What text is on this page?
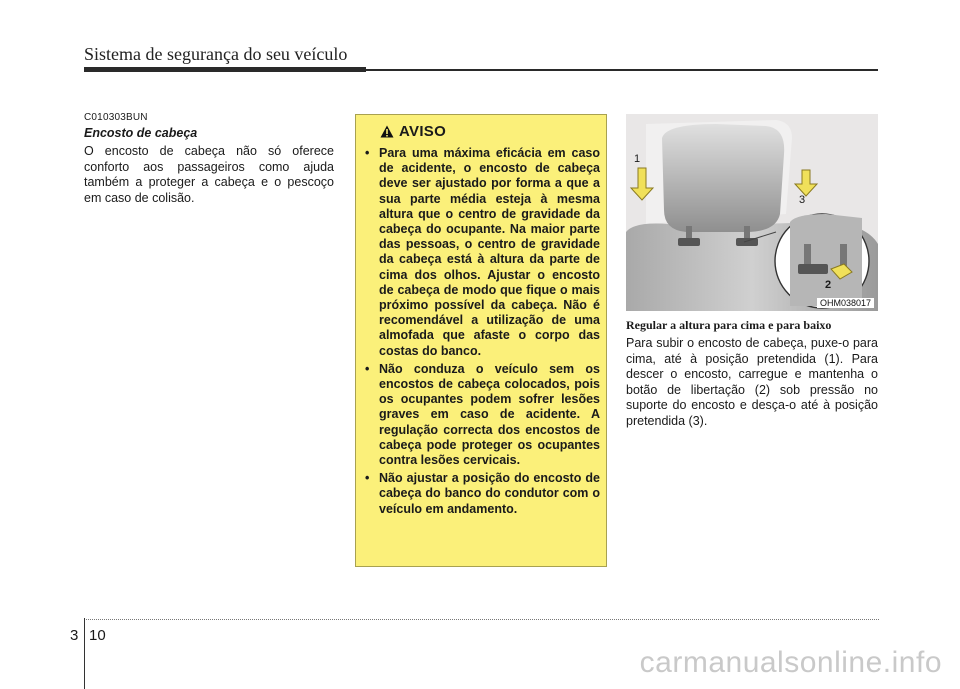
Sistema de segurança do seu veículo
C010303BUN
Encosto de cabeça
O encosto de cabeça não só oferece conforto aos passageiros como ajuda também a proteger a cabeça e o pescoço em caso de colisão.
AVISO
• Para uma máxima eficácia em caso de acidente, o encosto de cabeça deve ser ajustado por forma a que a sua parte média esteja à mesma altura que o centro de gravidade da cabeça do ocupante. Na maior parte das pessoas, o centro de gravidade da cabeça está à altura da parte de cima dos olhos. Ajustar o encosto de cabeça de modo que fique o mais próximo possível da cabeça. Não é recomendável a utilização de uma almofada que afaste o corpo das costas do banco.
• Não conduza o veículo sem os encostos de cabeça colocados, pois os ocupantes podem sofrer lesões graves em caso de acidente. A regulação correcta dos encostos de cabeça pode proteger os ocupantes contra lesões cervicais.
• Não ajustar a posição do encosto de cabeça do banco do condutor com o veículo em andamento.
1
2
3
OHM038017
Regular a altura para cima e para baixo
Para subir o encosto de cabeça, puxe-o para cima, até à posição pretendida (1). Para descer o encosto, carregue e mantenha o botão de libertação (2) sob pressão no suporte do encosto e desça-o até à posição pretendida (3).
3 10
carmanualsonline.info
